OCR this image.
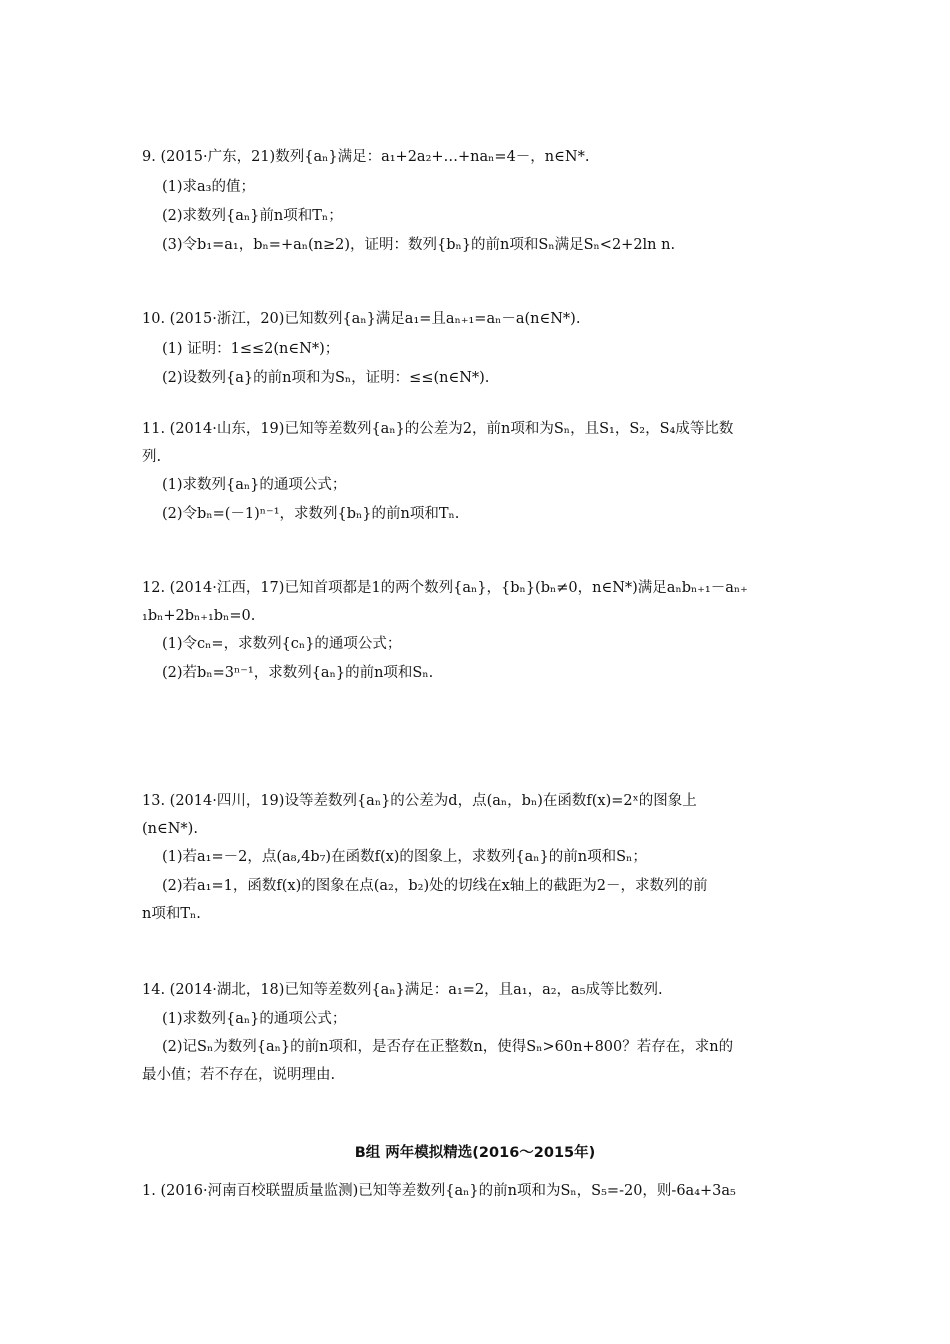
9. (2015·广东，21)数列{aₙ}满足：a₁+2a₂+…+naₙ=4－，n∈N*.
(1)求a₃的值；
(2)求数列{aₙ}前n项和Tₙ；
(3)令b₁=a₁，bₙ=+aₙ(n≥2)，证明：数列{bₙ}的前n项和Sₙ满足Sₙ<2+2ln n.
10. (2015·浙江，20)已知数列{aₙ}满足a₁=且aₙ₊₁=aₙ－a(n∈N*).
(1) 证明：1≤≤2(n∈N*)；
(2)设数列{a}的前n项和为Sₙ，证明：≤≤(n∈N*).
11. (2014·山东，19)已知等差数列{aₙ}的公差为2，前n项和为Sₙ，且S₁，S₂，S₄成等比数
列.
(1)求数列{aₙ}的通项公式；
(2)令bₙ=(－1)ⁿ⁻¹，求数列{bₙ}的前n项和Tₙ.
12. (2014·江西，17)已知首项都是1的两个数列{aₙ}，{bₙ}(bₙ≠0，n∈N*)满足aₙbₙ₊₁－aₙ₊
₁bₙ+2bₙ₊₁bₙ=0.
(1)令cₙ=，求数列{cₙ}的通项公式；
(2)若bₙ=3ⁿ⁻¹，求数列{aₙ}的前n项和Sₙ.
13. (2014·四川，19)设等差数列{aₙ}的公差为d，点(aₙ，bₙ)在函数f(x)=2ˣ的图象上
(n∈N*).
(1)若a₁=－2，点(a₈,4b₇)在函数f(x)的图象上，求数列{aₙ}的前n项和Sₙ；
(2)若a₁=1，函数f(x)的图象在点(a₂，b₂)处的切线在x轴上的截距为2－，求数列的前
n项和Tₙ.
14. (2014·湖北，18)已知等差数列{aₙ}满足：a₁=2，且a₁，a₂，a₅成等比数列.
(1)求数列{aₙ}的通项公式；
(2)记Sₙ为数列{aₙ}的前n项和，是否存在正整数n，使得Sₙ>60n+800？若存在，求n的
最小值；若不存在，说明理由.
B组 两年模拟精选(2016～2015年)
1. (2016·河南百校联盟质量监测)已知等差数列{aₙ}的前n项和为Sₙ，S₅=-20，则-6a₄+3a₅
